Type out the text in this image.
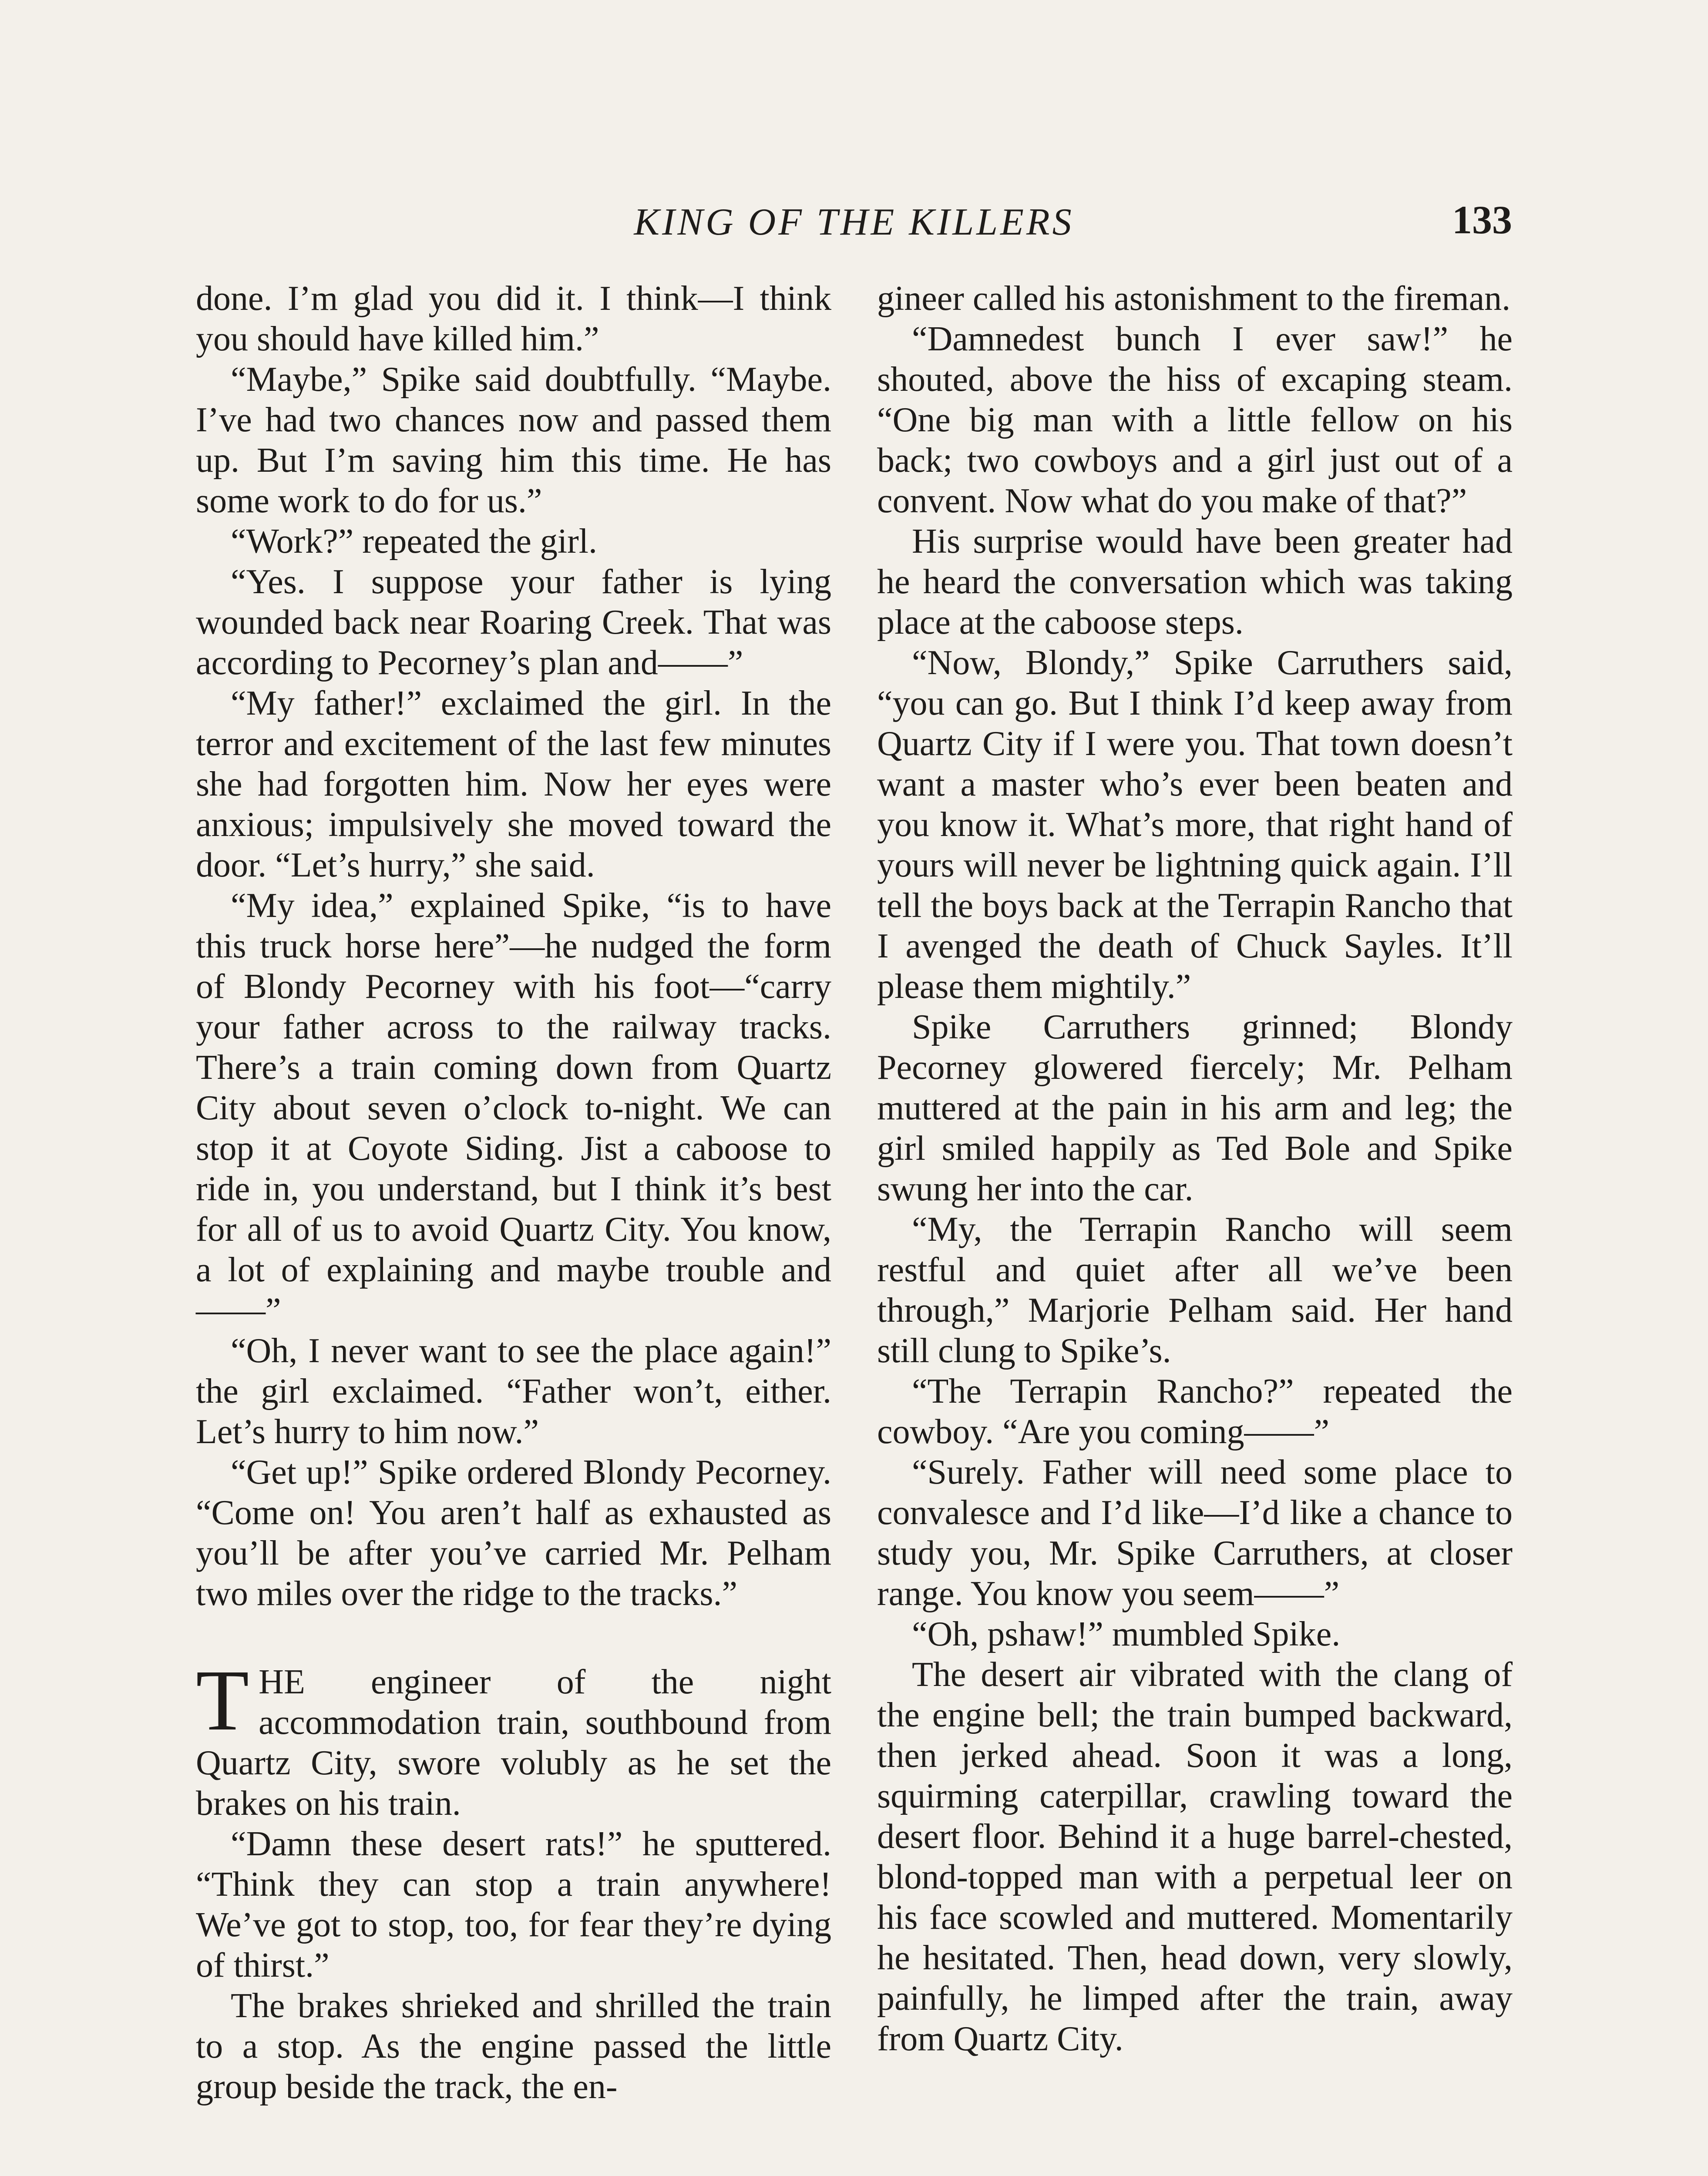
KING OF THE KILLERS	133

done. I’m glad you did it. I think—I think you should have killed him.”

“Maybe,” Spike said doubtfully. “Maybe. I’ve had two chances now and passed them up. But I’m saving him this time. He has some work to do for us.”

“Work?” repeated the girl.

“Yes. I suppose your father is lying wounded back near Roaring Creek. That was according to Pecorney’s plan and——”

“My father!” exclaimed the girl. In the terror and excitement of the last few minutes she had forgotten him. Now her eyes were anxious; impulsively she moved toward the door. “Let’s hurry,” she said.

“My idea,” explained Spike, “is to have this truck horse here”—he nudged the form of Blondy Pecorney with his foot—“carry your father across to the railway tracks. There’s a train coming down from Quartz City about seven o’clock to-night. We can stop it at Coyote Siding. Jist a caboose to ride in, you understand, but I think it’s best for all of us to avoid Quartz City. You know, a lot of explaining and maybe trouble and——”

“Oh, I never want to see the place again!” the girl exclaimed. “Father won’t, either. Let’s hurry to him now.”

“Get up!” Spike ordered Blondy Pecorney. “Come on! You aren’t half as exhausted as you’ll be after you’ve carried Mr. Pelham two miles over the ridge to the tracks.”

THE engineer of the night accommodation train, southbound from Quartz City, swore volubly as he set the brakes on his train.

“Damn these desert rats!” he sputtered. “Think they can stop a train anywhere! We’ve got to stop, too, for fear they’re dying of thirst.”

The brakes shrieked and shrilled the train to a stop. As the engine passed the little group beside the track, the en-

gineer called his astonishment to the fireman.

“Damnedest bunch I ever saw!” he shouted, above the hiss of excaping steam. “One big man with a little fellow on his back; two cowboys and a girl just out of a convent. Now what do you make of that?”

His surprise would have been greater had he heard the conversation which was taking place at the caboose steps.

“Now, Blondy,” Spike Carruthers said, “you can go. But I think I’d keep away from Quartz City if I were you. That town doesn’t want a master who’s ever been beaten and you know it. What’s more, that right hand of yours will never be lightning quick again. I’ll tell the boys back at the Terrapin Rancho that I avenged the death of Chuck Sayles. It’ll please them mightily.”

Spike Carruthers grinned; Blondy Pecorney glowered fiercely; Mr. Pelham muttered at the pain in his arm and leg; the girl smiled happily as Ted Bole and Spike swung her into the car.

“My, the Terrapin Rancho will seem restful and quiet after all we’ve been through,” Marjorie Pelham said. Her hand still clung to Spike’s.

“The Terrapin Rancho?” repeated the cowboy. “Are you coming——”

“Surely. Father will need some place to convalesce and I’d like—I’d like a chance to study you, Mr. Spike Carruthers, at closer range. You know you seem——”

“Oh, pshaw!” mumbled Spike.

The desert air vibrated with the clang of the engine bell; the train bumped backward, then jerked ahead. Soon it was a long, squirming caterpillar, crawling toward the desert floor. Behind it a huge barrel-chested, blond-topped man with a perpetual leer on his face scowled and muttered. Momentarily he hesitated. Then, head down, very slowly, painfully, he limped after the train, away from Quartz City.
